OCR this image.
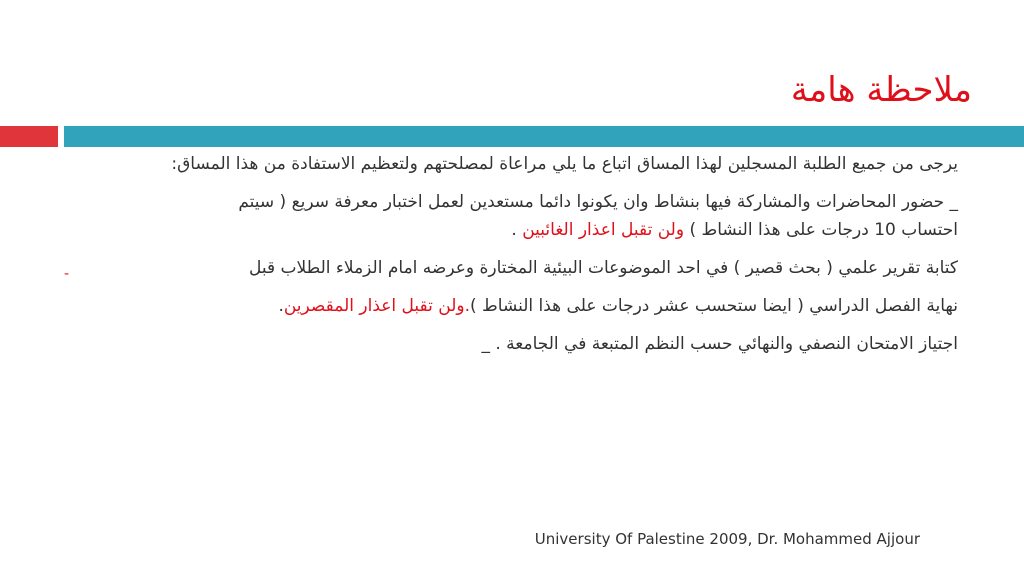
ملاحظة هامة
يرجى من جميع الطلبة المسجلين لهذا المساق اتباع ما يلي مراعاة لمصلحتهم ولتعظيم الاستفادة من هذا المساق:
_ حضور المحاضرات والمشاركة فيها بنشاط وان يكونوا دائما مستعدين لعمل اختبار معرفة سريع ( سيتم
احتساب 10 درجات على هذا النشاط ) ولن تقبل اعذار الغائبين .
كتابة تقرير علمي ( بحث قصير ) في احد الموضوعات البيئية المختارة وعرضه امام الزملاء الطلاب قبل
نهاية الفصل الدراسي ( ايضا ستحسب عشر درجات على هذا النشاط ).ولن تقبل اعذار المقصرين.
اجتياز الامتحان النصفي والنهائي حسب النظم المتبعة في الجامعة . _
-
University Of Palestine 2009, Dr. Mohammed Ajjour
